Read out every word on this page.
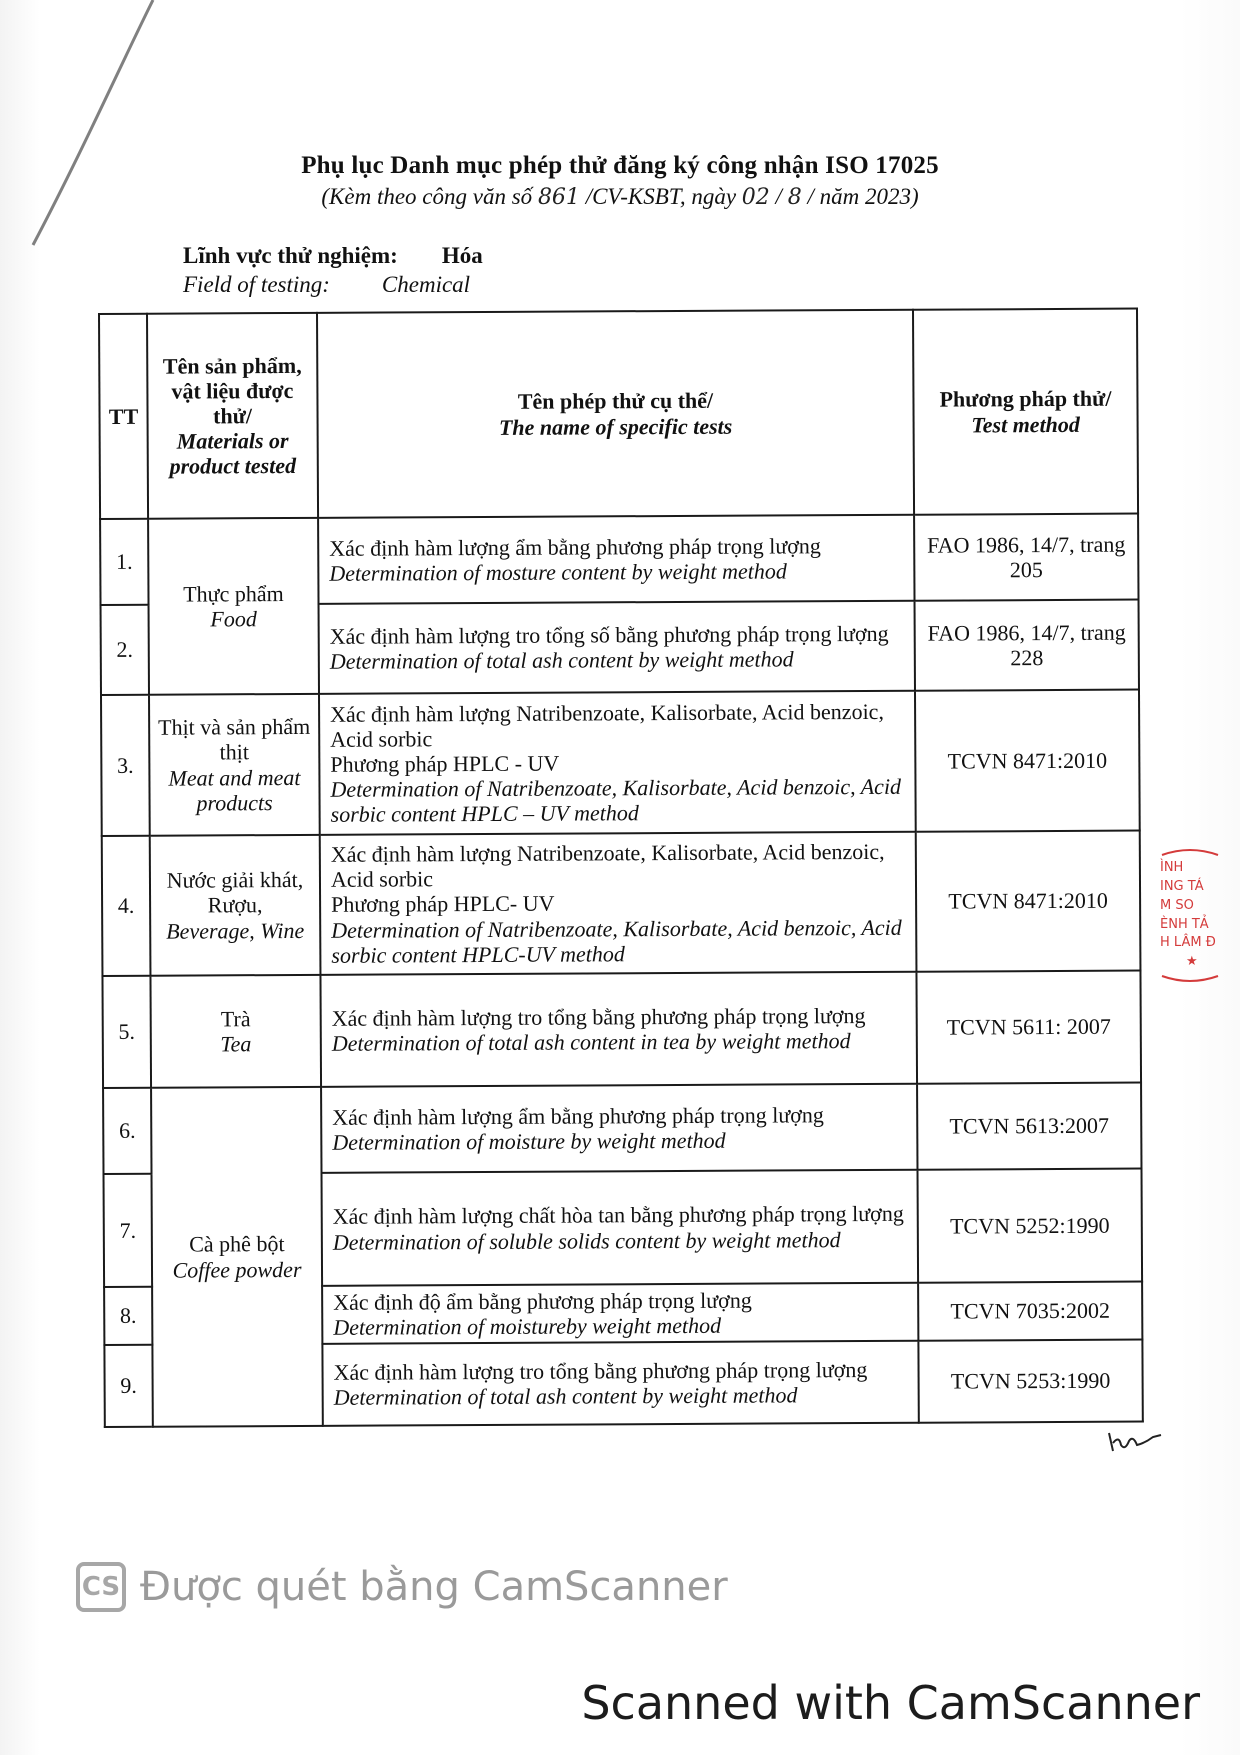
Phụ lục Danh mục phép thử đăng ký công nhận ISO 17025
(Kèm theo công văn số 861 /CV-KSBT, ngày 02 / 8 / năm 2023)
Lĩnh vực thử nghiệm: Hóa
Field of testing: Chemical
TT	Tên sản phẩm, vật liệu được thử/
Materials or product tested	Tên phép thử cụ thể/
The name of specific tests	Phương pháp thử/
Test method

1.	Thực phẩm
Food	Xác định hàm lượng ẩm bằng phương pháp trọng lượng
Determination of mosture content by weight method	FAO 1986, 14/7, trang 205
2.		Xác định hàm lượng tro tổng số bằng phương pháp trọng lượng
Determination of total ash content by weight method	FAO 1986, 14/7, trang 228
3.	Thịt và sản phẩm thịt
Meat and meat products	Xác định hàm lượng Natribenzoate, Kalisorbate, Acid benzoic, Acid sorbic
Phương pháp HPLC - UV
Determination of Natribenzoate, Kalisorbate, Acid benzoic, Acid sorbic content HPLC – UV method	TCVN 8471:2010
4.	Nước giải khát, Rượu,
Beverage, Wine	Xác định hàm lượng Natribenzoate, Kalisorbate, Acid benzoic, Acid sorbic
Phương pháp HPLC- UV
Determination of Natribenzoate, Kalisorbate, Acid benzoic, Acid sorbic content HPLC-UV method	TCVN 8471:2010
5.	Trà
Tea	Xác định hàm lượng tro tổng bằng phương pháp trọng lượng
Determination of total ash content in tea by weight method	TCVN 5611: 2007
6.	Cà phê bột
Coffee powder	Xác định hàm lượng ẩm bằng phương pháp trọng lượng
Determination of moisture by weight method	TCVN 5613:2007
7.		Xác định hàm lượng chất hòa tan bằng phương pháp trọng lượng
Determination of soluble solids content by weight method	TCVN 5252:1990
8.		Xác định độ ẩm bằng phương pháp trọng lượng
Determination of moistureby weight method	TCVN 7035:2002
9.		Xác định hàm lượng tro tổng bằng phương pháp trọng lượng
Determination of total ash content by weight method	TCVN 5253:1990
ÌNH
ING TÁ
M SO
ÈNH TẢ
H LÂM Đ
★
CS Được quét bằng CamScanner
Scanned with CamScanner
